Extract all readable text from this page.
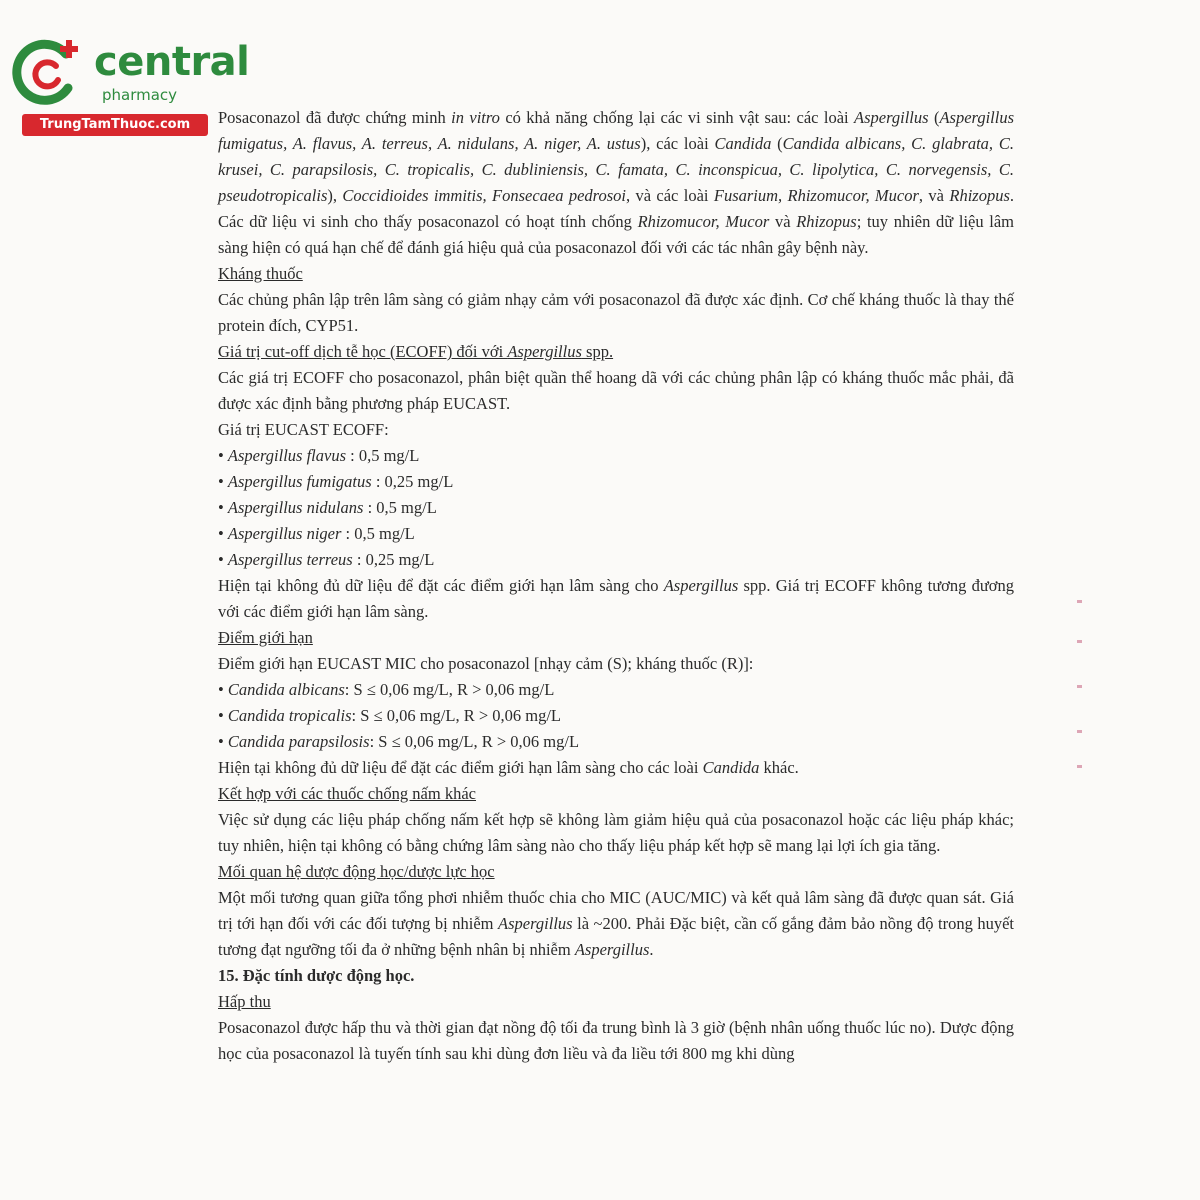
central
pharmacy
TrungTamThuoc.com	Posaconazol đã được chứng minh in vitro có khả năng chống lại các vi sinh vật sau: các loài Aspergillus (Aspergillus fumigatus, A. flavus, A. terreus, A. nidulans, A. niger, A. ustus), các loài Candida (Candida albicans, C. glabrata, C. krusei, C. parapsilosis, C. tropicalis, C. dubliniensis, C. famata, C. inconspicua, C. lipolytica, C. norvegensis, C. pseudotropicalis), Coccidioides immitis, Fonsecaea pedrosoi, và các loài Fusarium, Rhizomucor, Mucor, và Rhizopus. Các dữ liệu vi sinh cho thấy posaconazol có hoạt tính chống Rhizomucor, Mucor và Rhizopus; tuy nhiên dữ liệu lâm sàng hiện có quá hạn chế để đánh giá hiệu quả của posaconazol đối với các tác nhân gây bệnh này.

Kháng thuốc

Các chủng phân lập trên lâm sàng có giảm nhạy cảm với posaconazol đã được xác định. Cơ chế kháng thuốc là thay thế protein đích, CYP51.

Giá trị cut-off dịch tễ học (ECOFF) đối với Aspergillus spp.

Các giá trị ECOFF cho posaconazol, phân biệt quần thể hoang dã với các chủng phân lập có kháng thuốc mắc phải, đã được xác định bằng phương pháp EUCAST.

Giá trị EUCAST ECOFF:

• Aspergillus flavus : 0,5 mg/L

• Aspergillus fumigatus : 0,25 mg/L

• Aspergillus nidulans : 0,5 mg/L

• Aspergillus niger : 0,5 mg/L

• Aspergillus terreus : 0,25 mg/L

Hiện tại không đủ dữ liệu để đặt các điểm giới hạn lâm sàng cho Aspergillus spp. Giá trị ECOFF không tương đương với các điểm giới hạn lâm sàng.

Điểm giới hạn

Điểm giới hạn EUCAST MIC cho posaconazol [nhạy cảm (S); kháng thuốc (R)]:

• Candida albicans: S ≤ 0,06 mg/L, R > 0,06 mg/L

• Candida tropicalis: S ≤ 0,06 mg/L, R > 0,06 mg/L

• Candida parapsilosis: S ≤ 0,06 mg/L, R > 0,06 mg/L

Hiện tại không đủ dữ liệu để đặt các điểm giới hạn lâm sàng cho các loài Candida khác.

Kết hợp với các thuốc chống nấm khác

Việc sử dụng các liệu pháp chống nấm kết hợp sẽ không làm giảm hiệu quả của posaconazol hoặc các liệu pháp khác; tuy nhiên, hiện tại không có bằng chứng lâm sàng nào cho thấy liệu pháp kết hợp sẽ mang lại lợi ích gia tăng.

Mối quan hệ dược động học/dược lực học

Một mối tương quan giữa tổng phơi nhiễm thuốc chia cho MIC (AUC/MIC) và kết quả lâm sàng đã được quan sát. Giá trị tới hạn đối với các đối tượng bị nhiễm Aspergillus là ~200. Phải Đặc biệt, cần cố gắng đảm bảo nồng độ trong huyết tương đạt ngưỡng tối đa ở những bệnh nhân bị nhiễm Aspergillus.

15. Đặc tính dược động học.

Hấp thu

Posaconazol được hấp thu và thời gian đạt nồng độ tối đa trung bình là 3 giờ (bệnh nhân uống thuốc lúc no). Dược động học của posaconazol là tuyến tính sau khi dùng đơn liều và đa liều tới 800 mg khi dùng
